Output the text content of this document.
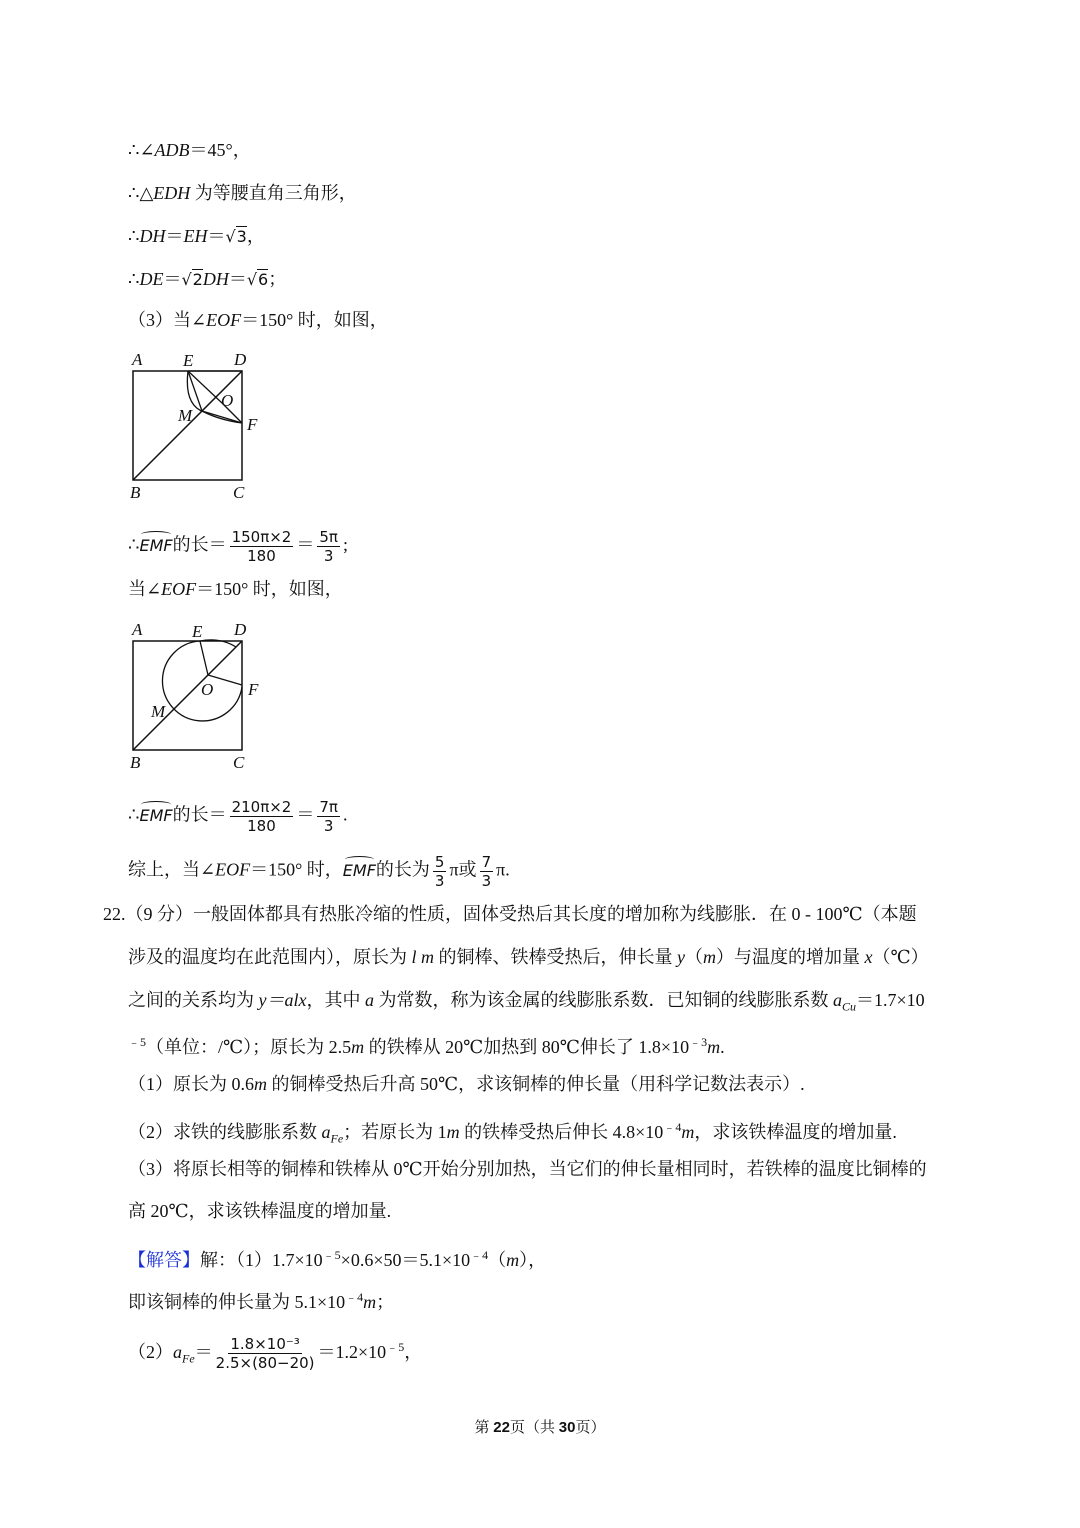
∴∠ADB＝45°，
∴△EDH 为等腰直角三角形，
∴DH＝EH＝√3，
∴DE＝√2DH＝√6；
（3）当∠EOF＝150° 时，如图，
A E D
M
O
F
B	C
∴EMF的长＝ $\frac{150\pi\times 2}{180} = \frac{5\pi}{3}$ ;
当∠EOF＝150° 时，如图，
A	E D
M
O F
B	C
∴EMF的长＝ $\frac{210\pi\times 2}{180} = \frac{7\pi}{3}$ .
综上，当∠EOF＝150° 时，EMF的长为 $\frac{5}{3}$ π或 $\frac{7}{3} \pi$.
22.（9 分）一般固体都具有热胀冷缩的性质，固体受热后其长度的增加称为线膨胀．在 0 - 100℃（本题
涉及的温度均在此范围内），原长为 l m 的铜棒、铁棒受热后，伸长量 y（m）与温度的增加量 x（℃）
之间的关系均为 y＝alx，其中 a 为常数，称为该金属的线膨胀系数．已知铜的线膨胀系数 $a_{Cu}=1.7\times 10$
$^{﹣5}$（单位：/℃）；原长为 2.5m 的铁棒从 20℃加热到 80℃伸长了 $1.8\times 10^{﹣3}m$.
（1）原长为 0.6m 的铜棒受热后升高 50℃，求该铜棒的伸长量（用科学记数法表示）.
（2）求铁的线膨胀系数 $a_{Fe}$；若原长为 1m 的铁棒受热后伸长 $4.8\times 10^{﹣4}m$，求该铁棒温度的增加量.
（3）将原长相等的铜棒和铁棒从 0℃开始分别加热，当它们的伸长量相同时，若铁棒的温度比铜棒的
高 20℃，求该铁棒温度的增加量.
【解答】解：$(1)1.7\times 10^{﹣5}\times 0.6\times 50=5.1\times 10^{﹣4}(m)$，
即该铜棒的伸长量为 $5.1\times 10^{﹣4}m$；
$(2)a_{Fe}= \frac{\text{1.8×10⁻³}}{2.5\times(80-20)} =1.2\times 10^{﹣5}$，
第 22页（共 30页）
